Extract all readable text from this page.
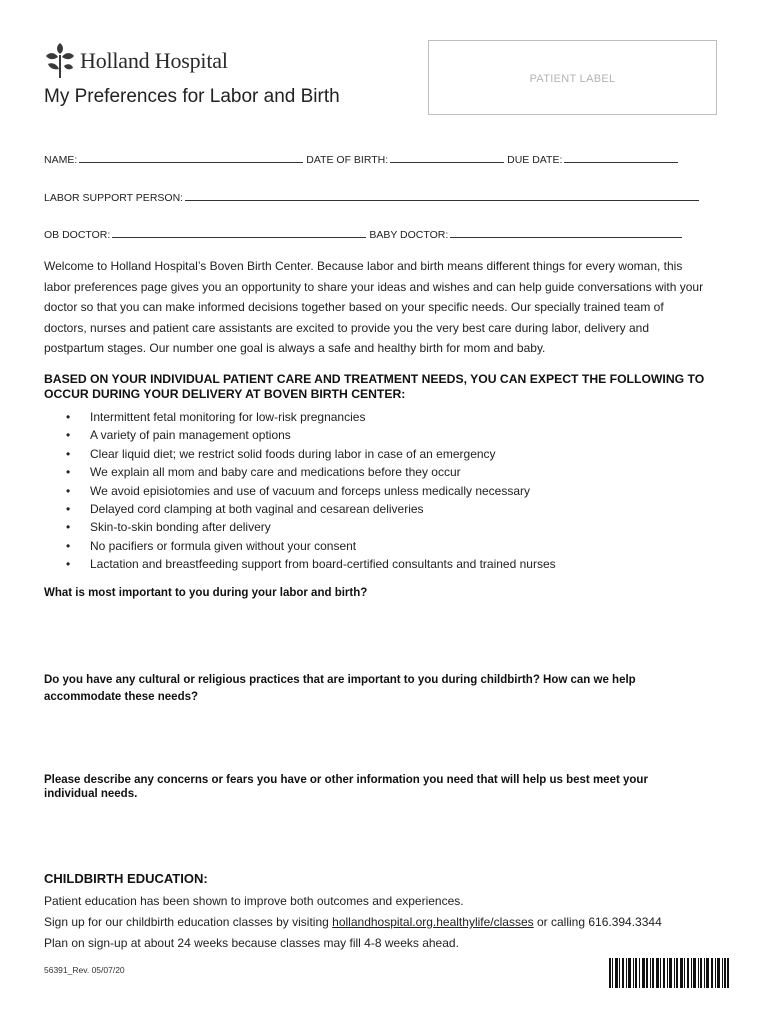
Holland Hospital
My Preferences for Labor and Birth
PATIENT LABEL
NAME:	DATE OF BIRTH:	DUE DATE:
LABOR SUPPORT PERSON:
OB DOCTOR:	BABY DOCTOR:
Welcome to Holland Hospital’s Boven Birth Center. Because labor and birth means different things for every woman, this labor preferences page gives you an opportunity to share your ideas and wishes and can help guide conversations with your doctor so that you can make informed decisions together based on your specific needs. Our specially trained team of doctors, nurses and patient care assistants are excited to provide you the very best care during labor, delivery and postpartum stages. Our number one goal is always a safe and healthy birth for mom and baby.
BASED ON YOUR INDIVIDUAL PATIENT CARE AND TREATMENT NEEDS, YOU CAN EXPECT THE FOLLOWING TO OCCUR DURING YOUR DELIVERY AT BOVEN BIRTH CENTER:
• Intermittent fetal monitoring for low-risk pregnancies
• A variety of pain management options
• Clear liquid diet; we restrict solid foods during labor in case of an emergency
• We explain all mom and baby care and medications before they occur
• We avoid episiotomies and use of vacuum and forceps unless medically necessary
• Delayed cord clamping at both vaginal and cesarean deliveries
• Skin-to-skin bonding after delivery
• No pacifiers or formula given without your consent
• Lactation and breastfeeding support from board-certified consultants and trained nurses
What is most important to you during your labor and birth?
Do you have any cultural or religious practices that are important to you during childbirth? How can we help accommodate these needs?
Please describe any concerns or fears you have or other information you need that will help us best meet your individual needs.
CHILDBIRTH EDUCATION:
Patient education has been shown to improve both outcomes and experiences.
Sign up for our childbirth education classes by visiting hollandhospital.org.healthylife/classes or calling 616.394.3344
Plan on sign-up at about 24 weeks because classes may fill 4-8 weeks ahead.
56391_Rev. 05/07/20
